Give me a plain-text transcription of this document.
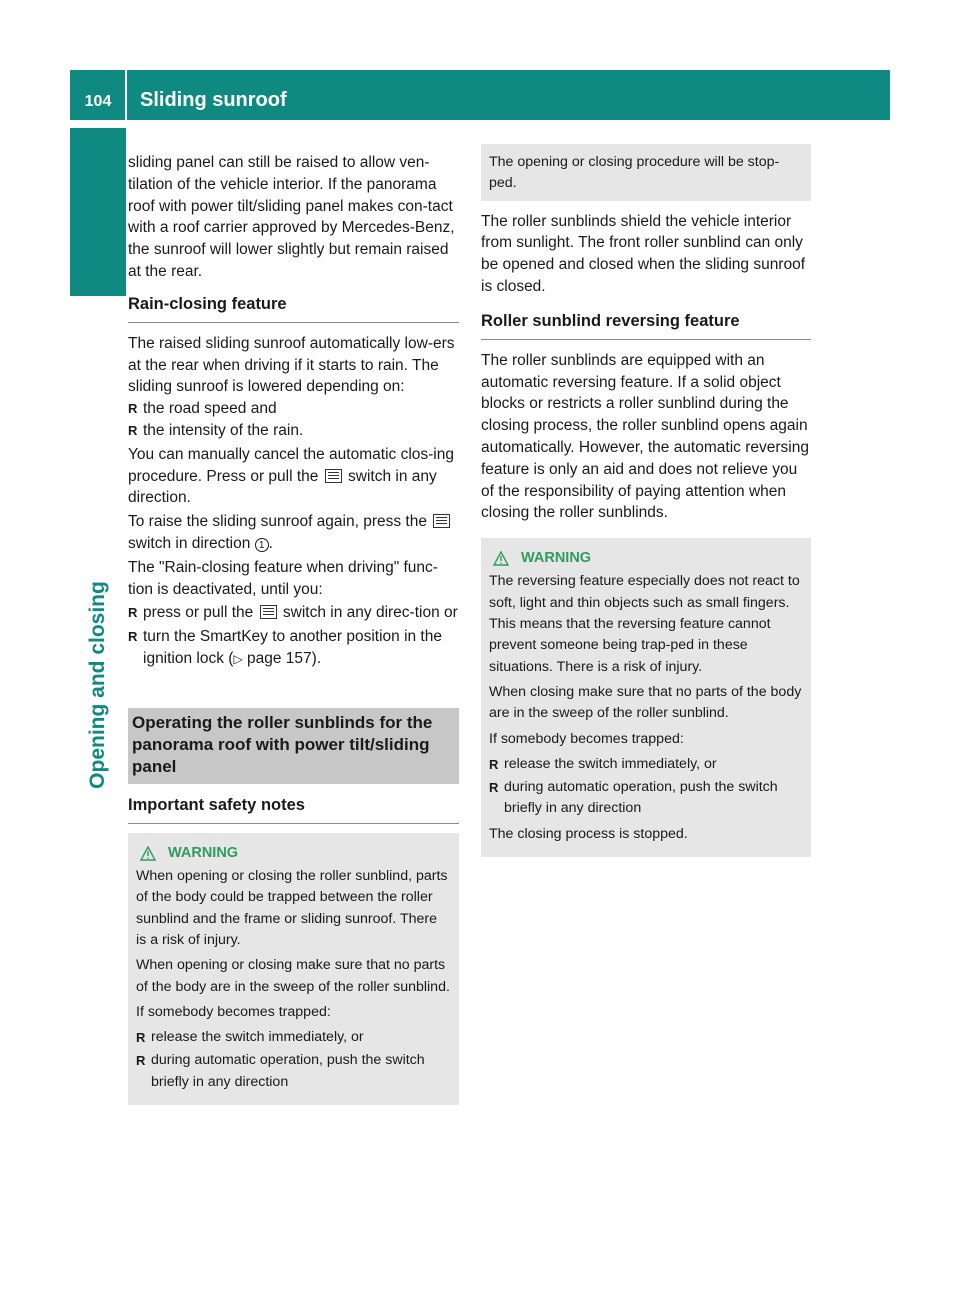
104 Sliding sunroof
Opening and closing

sliding panel can still be raised to allow ven-tilation of the vehicle interior. If the panorama roof with power tilt/sliding panel makes con-tact with a roof carrier approved by Mercedes-Benz, the sunroof will lower slightly but remain raised at the rear.

Rain-closing feature

The raised sliding sunroof automatically low-ers at the rear when driving if it starts to rain. The sliding sunroof is lowered depending on:

R the road speed and
R the intensity of the rain.

You can manually cancel the automatic clos-ing procedure. Press or pull the switch in any direction.

To raise the sliding sunroof again, press the  switch in direction 1 .

The "Rain-closing feature when driving" func-tion is deactivated, until you:

R press or pull the switch in any direc-tion or
R turn the SmartKey to another position in the ignition lock (▷ page 157).
Operating the roller sunblinds for the panorama roof with power tilt/sliding panel
Important safety notes
WARNING

When opening or closing the roller sunblind, parts of the body could be trapped between the roller sunblind and the frame or sliding sunroof. There is a risk of injury.

When opening or closing make sure that no parts of the body are in the sweep of the roller sunblind.

If somebody becomes trapped:

R release the switch immediately, or
R during automatic operation, push the switch briefly in any direction
The opening or closing procedure will be stop-ped.

The roller sunblinds shield the vehicle interior from sunlight. The front roller sunblind can only be opened and closed when the sliding sunroof is closed.

Roller sunblind reversing feature

The roller sunblinds are equipped with an automatic reversing feature. If a solid object blocks or restricts a roller sunblind during the closing process, the roller sunblind opens again automatically. However, the automatic reversing feature is only an aid and does not relieve you of the responsibility of paying attention when closing the roller sunblinds.

WARNING

The reversing feature especially does not react to soft, light and thin objects such as small fingers. This means that the reversing feature cannot prevent someone being trap-ped in these situations. There is a risk of injury.

When closing make sure that no parts of the body are in the sweep of the roller sunblind.

If somebody becomes trapped:

R release the switch immediately, or
R during automatic operation, push the switch briefly in any direction

The closing process is stopped.
